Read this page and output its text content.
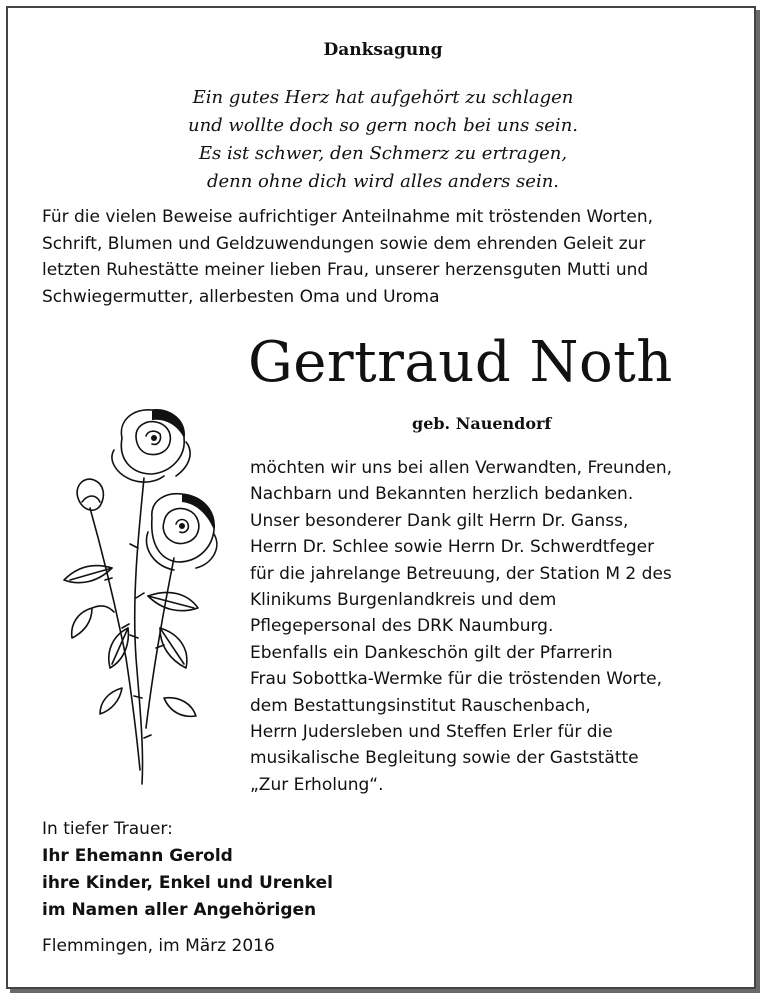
Danksagung
Ein gutes Herz hat aufgehört zu schlagen
und wollte doch so gern noch bei uns sein.
Es ist schwer, den Schmerz zu ertragen,
denn ohne dich wird alles anders sein.
Für die vielen Beweise aufrichtiger Anteilnahme mit tröstenden Worten,
Schrift, Blumen und Geldzuwendungen sowie dem ehrenden Geleit zur
letzten Ruhestätte meiner lieben Frau, unserer herzensguten Mutti und
Schwiegermutter, allerbesten Oma und Uroma
Gertraud Noth
geb. Nauendorf
möchten wir uns bei allen Verwandten, Freunden,
Nachbarn und Bekannten herzlich bedanken.
Unser besonderer Dank gilt Herrn Dr. Ganss,
Herrn Dr. Schlee sowie Herrn Dr. Schwerdtfeger
für die jahrelange Betreuung, der Station M 2 des
Klinikums Burgenlandkreis und dem
Pflegepersonal des DRK Naumburg.
Ebenfalls ein Dankeschön gilt der Pfarrerin
Frau Sobottka-Wermke für die tröstenden Worte,
dem Bestattungsinstitut Rauschenbach,
Herrn Judersleben und Steffen Erler für die
musikalische Begleitung sowie der Gaststätte
„Zur Erholung“.
In tiefer Trauer:
Ihr Ehemann Gerold
ihre Kinder, Enkel und Urenkel
im Namen aller Angehörigen
Flemmingen, im März 2016
